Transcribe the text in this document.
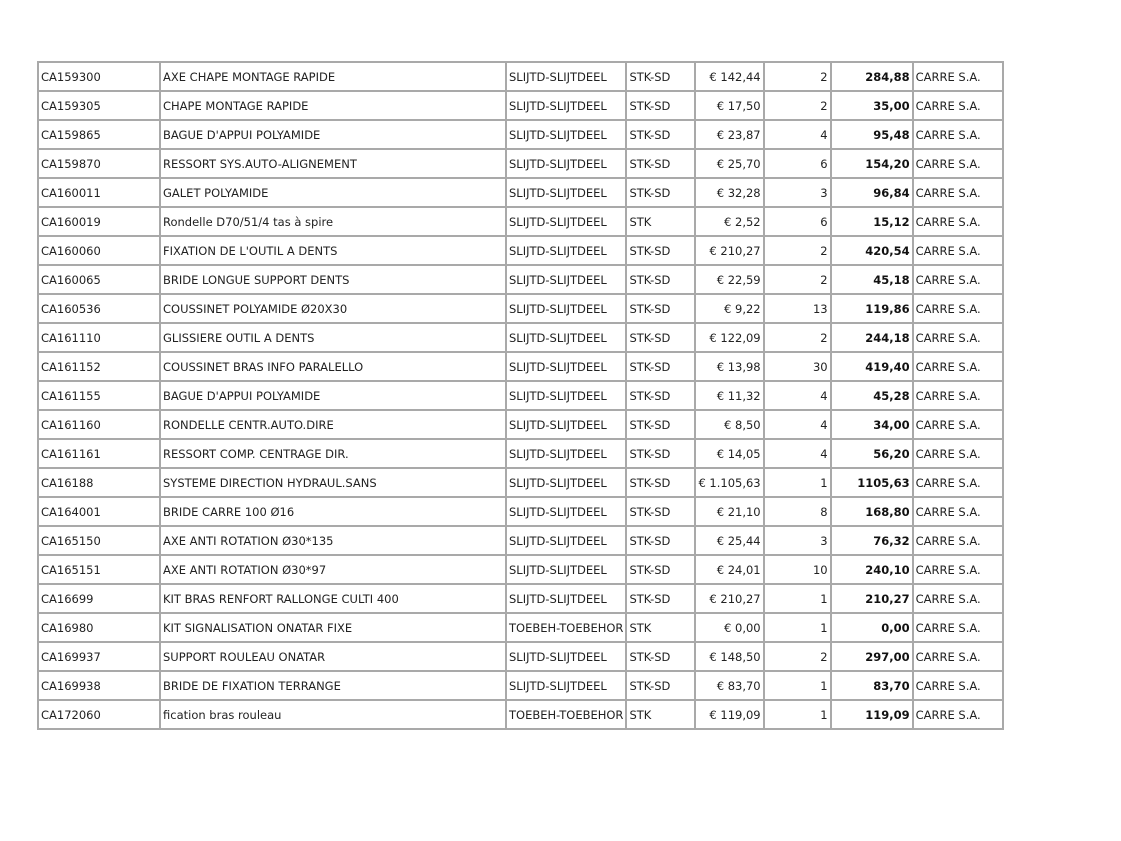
CA159300	AXE CHAPE MONTAGE RAPIDE	SLIJTD-SLIJTDEEL	STK-SD	€ 142,44	2	284,88	CARRE S.A.
CA159305	CHAPE MONTAGE RAPIDE	SLIJTD-SLIJTDEEL	STK-SD	€ 17,50	2	35,00	CARRE S.A.
CA159865	BAGUE D'APPUI POLYAMIDE	SLIJTD-SLIJTDEEL	STK-SD	€ 23,87	4	95,48	CARRE S.A.
CA159870	RESSORT SYS.AUTO-ALIGNEMENT	SLIJTD-SLIJTDEEL	STK-SD	€ 25,70	6	154,20	CARRE S.A.
CA160011	GALET POLYAMIDE	SLIJTD-SLIJTDEEL	STK-SD	€ 32,28	3	96,84	CARRE S.A.
CA160019	Rondelle D70/51/4 tas à spire	SLIJTD-SLIJTDEEL	STK	€ 2,52	6	15,12	CARRE S.A.
CA160060	FIXATION DE L'OUTIL A DENTS	SLIJTD-SLIJTDEEL	STK-SD	€ 210,27	2	420,54	CARRE S.A.
CA160065	BRIDE LONGUE SUPPORT DENTS	SLIJTD-SLIJTDEEL	STK-SD	€ 22,59	2	45,18	CARRE S.A.
CA160536	COUSSINET POLYAMIDE Ø20X30	SLIJTD-SLIJTDEEL	STK-SD	€ 9,22	13	119,86	CARRE S.A.
CA161110	GLISSIERE OUTIL A DENTS	SLIJTD-SLIJTDEEL	STK-SD	€ 122,09	2	244,18	CARRE S.A.
CA161152	COUSSINET BRAS INFO PARALELLO	SLIJTD-SLIJTDEEL	STK-SD	€ 13,98	30	419,40	CARRE S.A.
CA161155	BAGUE D'APPUI POLYAMIDE	SLIJTD-SLIJTDEEL	STK-SD	€ 11,32	4	45,28	CARRE S.A.
CA161160	RONDELLE CENTR.AUTO.DIRE	SLIJTD-SLIJTDEEL	STK-SD	€ 8,50	4	34,00	CARRE S.A.
CA161161	RESSORT COMP. CENTRAGE DIR.	SLIJTD-SLIJTDEEL	STK-SD	€ 14,05	4	56,20	CARRE S.A.
CA16188	SYSTEME DIRECTION HYDRAUL.SANS	SLIJTD-SLIJTDEEL	STK-SD	€ 1.105,63	1	1105,63	CARRE S.A.
CA164001	BRIDE CARRE 100 Ø16	SLIJTD-SLIJTDEEL	STK-SD	€ 21,10	8	168,80	CARRE S.A.
CA165150	AXE ANTI ROTATION Ø30*135	SLIJTD-SLIJTDEEL	STK-SD	€ 25,44	3	76,32	CARRE S.A.
CA165151	AXE ANTI ROTATION Ø30*97	SLIJTD-SLIJTDEEL	STK-SD	€ 24,01	10	240,10	CARRE S.A.
CA16699	KIT BRAS RENFORT RALLONGE CULTI 400	SLIJTD-SLIJTDEEL	STK-SD	€ 210,27	1	210,27	CARRE S.A.
CA16980	KIT SIGNALISATION ONATAR FIXE	TOEBEH-TOEBEHOR	STK	€ 0,00	1	0,00	CARRE S.A.
CA169937	SUPPORT ROULEAU ONATAR	SLIJTD-SLIJTDEEL	STK-SD	€ 148,50	2	297,00	CARRE S.A.
CA169938	BRIDE DE FIXATION TERRANGE	SLIJTD-SLIJTDEEL	STK-SD	€ 83,70	1	83,70	CARRE S.A.
CA172060	fication bras rouleau	TOEBEH-TOEBEHOR	STK	€ 119,09	1	119,09	CARRE S.A.
